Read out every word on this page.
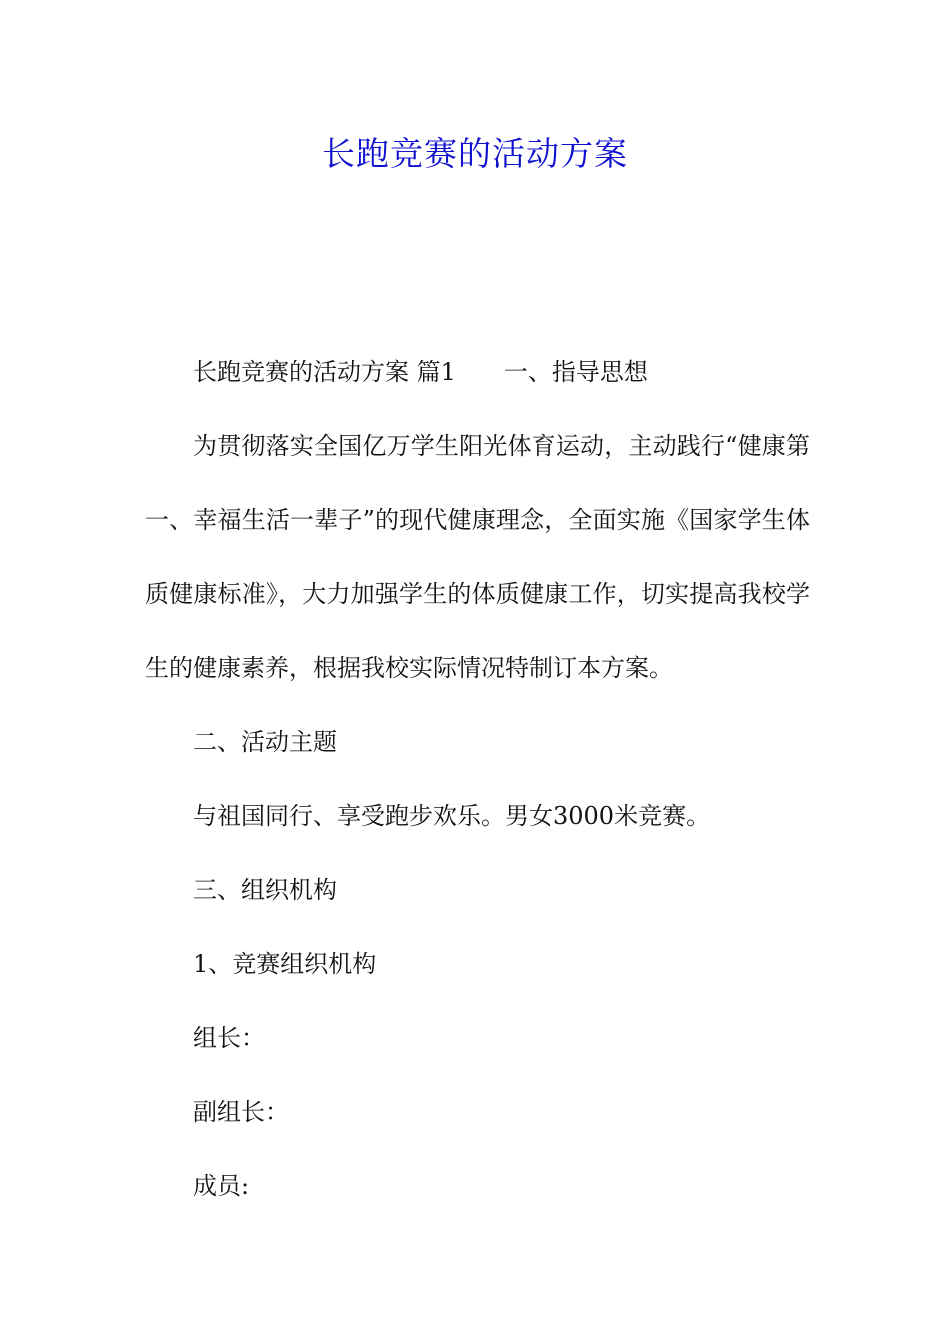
长跑竞赛的活动方案

长跑竞赛的活动方案 篇1 一、指导思想

为贯彻落实全国亿万学生阳光体育运动，主动践行“健康第一、幸福生活一辈子”的现代健康理念，全面实施《国家学生体质健康标准》，大力加强学生的体质健康工作，切实提高我校学生的健康素养，根据我校实际情况特制订本方案。

二、活动主题

与祖国同行、享受跑步欢乐。男女3000米竞赛。

三、组织机构

1、竞赛组织机构

组长：

副组长：

成员:
